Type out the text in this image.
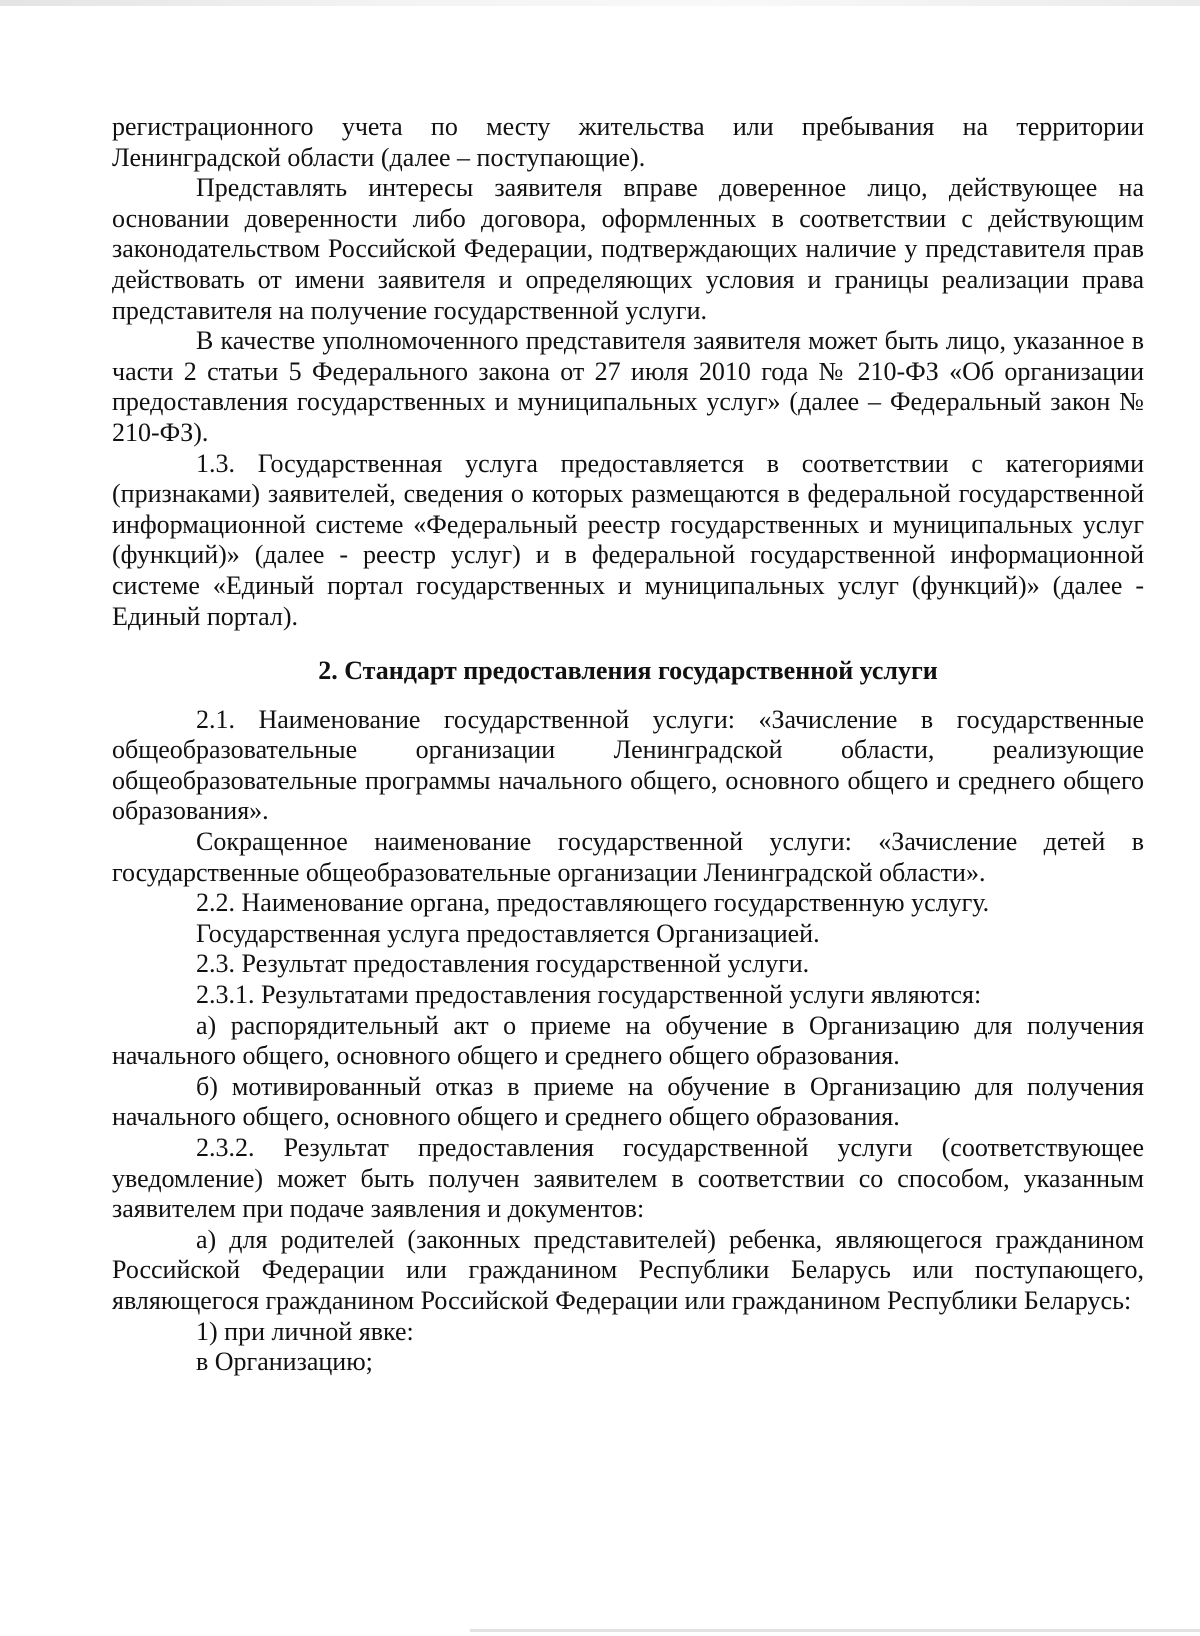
регистрационного учета по месту жительства или пребывания на территории Ленинградской области (далее – поступающие).

Представлять интересы заявителя вправе доверенное лицо, действующее на основании доверенности либо договора, оформленных в соответствии с действующим законодательством Российской Федерации, подтверждающих наличие у представителя прав действовать от имени заявителя и определяющих условия и границы реализации права представителя на получение государственной услуги.

В качестве уполномоченного представителя заявителя может быть лицо, указанное в части 2 статьи 5 Федерального закона от 27 июля 2010 года № 210-ФЗ «Об организации предоставления государственных и муниципальных услуг» (далее – Федеральный закон № 210-ФЗ).

1.3. Государственная услуга предоставляется в соответствии с категориями (признаками) заявителей, сведения о которых размещаются в федеральной государственной информационной системе «Федеральный реестр государственных и муниципальных услуг (функций)» (далее - реестр услуг) и в федеральной государственной информационной системе «Единый портал государственных и муниципальных услуг (функций)» (далее - Единый портал).

2. Стандарт предоставления государственной услуги

2.1. Наименование государственной услуги: «Зачисление в государственные общеобразовательные организации Ленинградской области, реализующие общеобразовательные программы начального общего, основного общего и среднего общего образования».

Сокращенное наименование государственной услуги: «Зачисление детей в государственные общеобразовательные организации Ленинградской области».

2.2. Наименование органа, предоставляющего государственную услугу.

Государственная услуга предоставляется Организацией.

2.3. Результат предоставления государственной услуги.

2.3.1. Результатами предоставления государственной услуги являются:

а) распорядительный акт о приеме на обучение в Организацию для получения начального общего, основного общего и среднего общего образования.

б) мотивированный отказ в приеме на обучение в Организацию для получения начального общего, основного общего и среднего общего образования.

2.3.2. Результат предоставления государственной услуги (соответствующее уведомление) может быть получен заявителем в соответствии со способом, указанным заявителем при подаче заявления и документов:

а) для родителей (законных представителей) ребенка, являющегося гражданином Российской Федерации или гражданином Республики Беларусь или поступающего, являющегося гражданином Российской Федерации или гражданином Республики Беларусь:

1) при личной явке:

в Организацию;
